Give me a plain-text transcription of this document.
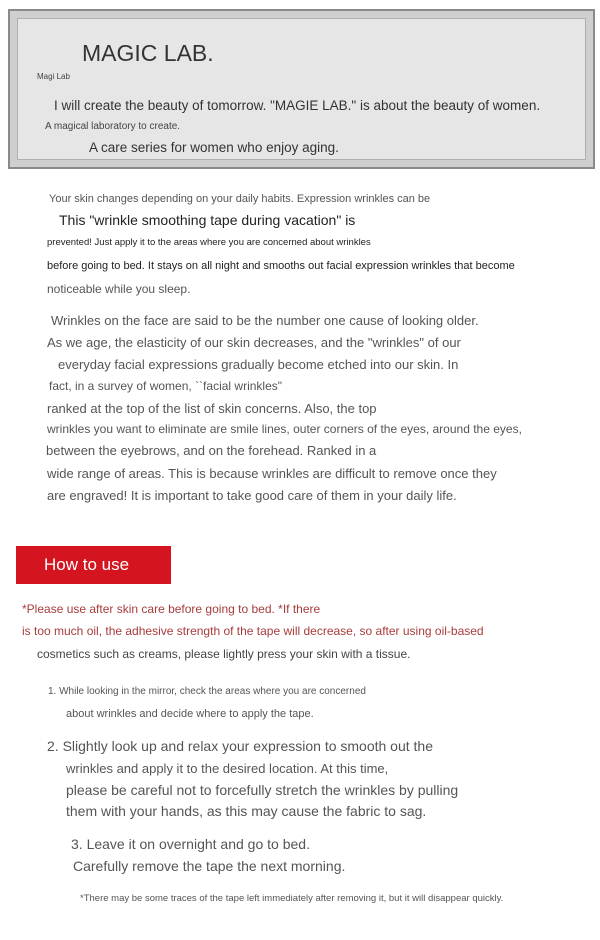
MAGIC LAB.
Magi Lab
I will create the beauty of tomorrow. "MAGIE LAB." is about the beauty of women.
A magical laboratory to create.
A care series for women who enjoy aging.
Your skin changes depending on your daily habits. Expression wrinkles can be
This "wrinkle smoothing tape during vacation" is
prevented! Just apply it to the areas where you are concerned about wrinkles
before going to bed. It stays on all night and smooths out facial expression wrinkles that become
noticeable while you sleep.
Wrinkles on the face are said to be the number one cause of looking older.
As we age, the elasticity of our skin decreases, and the "wrinkles" of our
everyday facial expressions gradually become etched into our skin. In
fact, in a survey of women, ``facial wrinkles"
ranked at the top of the list of skin concerns. Also, the top
wrinkles you want to eliminate are smile lines, outer corners of the eyes, around the eyes,
between the eyebrows, and on the forehead. Ranked in a
wide range of areas. This is because wrinkles are difficult to remove once they
are engraved! It is important to take good care of them in your daily life.
How to use
*Please use after skin care before going to bed. *If there
is too much oil, the adhesive strength of the tape will decrease, so after using oil-based
cosmetics such as creams, please lightly press your skin with a tissue.
1. While looking in the mirror, check the areas where you are concerned
about wrinkles and decide where to apply the tape.
2. Slightly look up and relax your expression to smooth out the
wrinkles and apply it to the desired location. At this time,
please be careful not to forcefully stretch the wrinkles by pulling
them with your hands, as this may cause the fabric to sag.
3. Leave it on overnight and go to bed.
Carefully remove the tape the next morning.
*There may be some traces of the tape left immediately after removing it, but it will disappear quickly.
